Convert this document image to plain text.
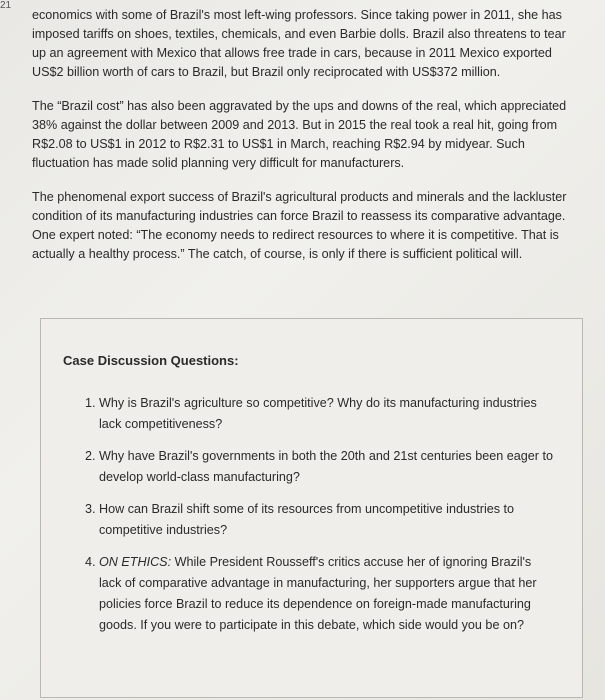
21

economics with some of Brazil's most left-wing professors. Since taking power in 2011, she has imposed tariffs on shoes, textiles, chemicals, and even Barbie dolls. Brazil also threatens to tear up an agreement with Mexico that allows free trade in cars, because in 2011 Mexico exported US$2 billion worth of cars to Brazil, but Brazil only reciprocated with US$372 million.

The “Brazil cost” has also been aggravated by the ups and downs of the real, which appreciated 38% against the dollar between 2009 and 2013. But in 2015 the real took a real hit, going from R$2.08 to US$1 in 2012 to R$2.31 to US$1 in March, reaching R$2.94 by midyear. Such fluctuation has made solid planning very difficult for manufacturers.

The phenomenal export success of Brazil's agricultural products and minerals and the lackluster condition of its manufacturing industries can force Brazil to reassess its comparative advantage. One expert noted: “The economy needs to redirect resources to where it is competitive. That is actually a healthy process.” The catch, of course, is only if there is sufficient political will.

Case Discussion Questions:
1. Why is Brazil's agriculture so competitive? Why do its manufacturing industries lack competitiveness?
2. Why have Brazil's governments in both the 20th and 21st centuries been eager to develop world-class manufacturing?
3. How can Brazil shift some of its resources from uncompetitive industries to competitive industries?
4. ON ETHICS: While President Rousseff's critics accuse her of ignoring Brazil's lack of comparative advantage in manufacturing, her supporters argue that her policies force Brazil to reduce its dependence on foreign-made manufacturing goods. If you were to participate in this debate, which side would you be on?
